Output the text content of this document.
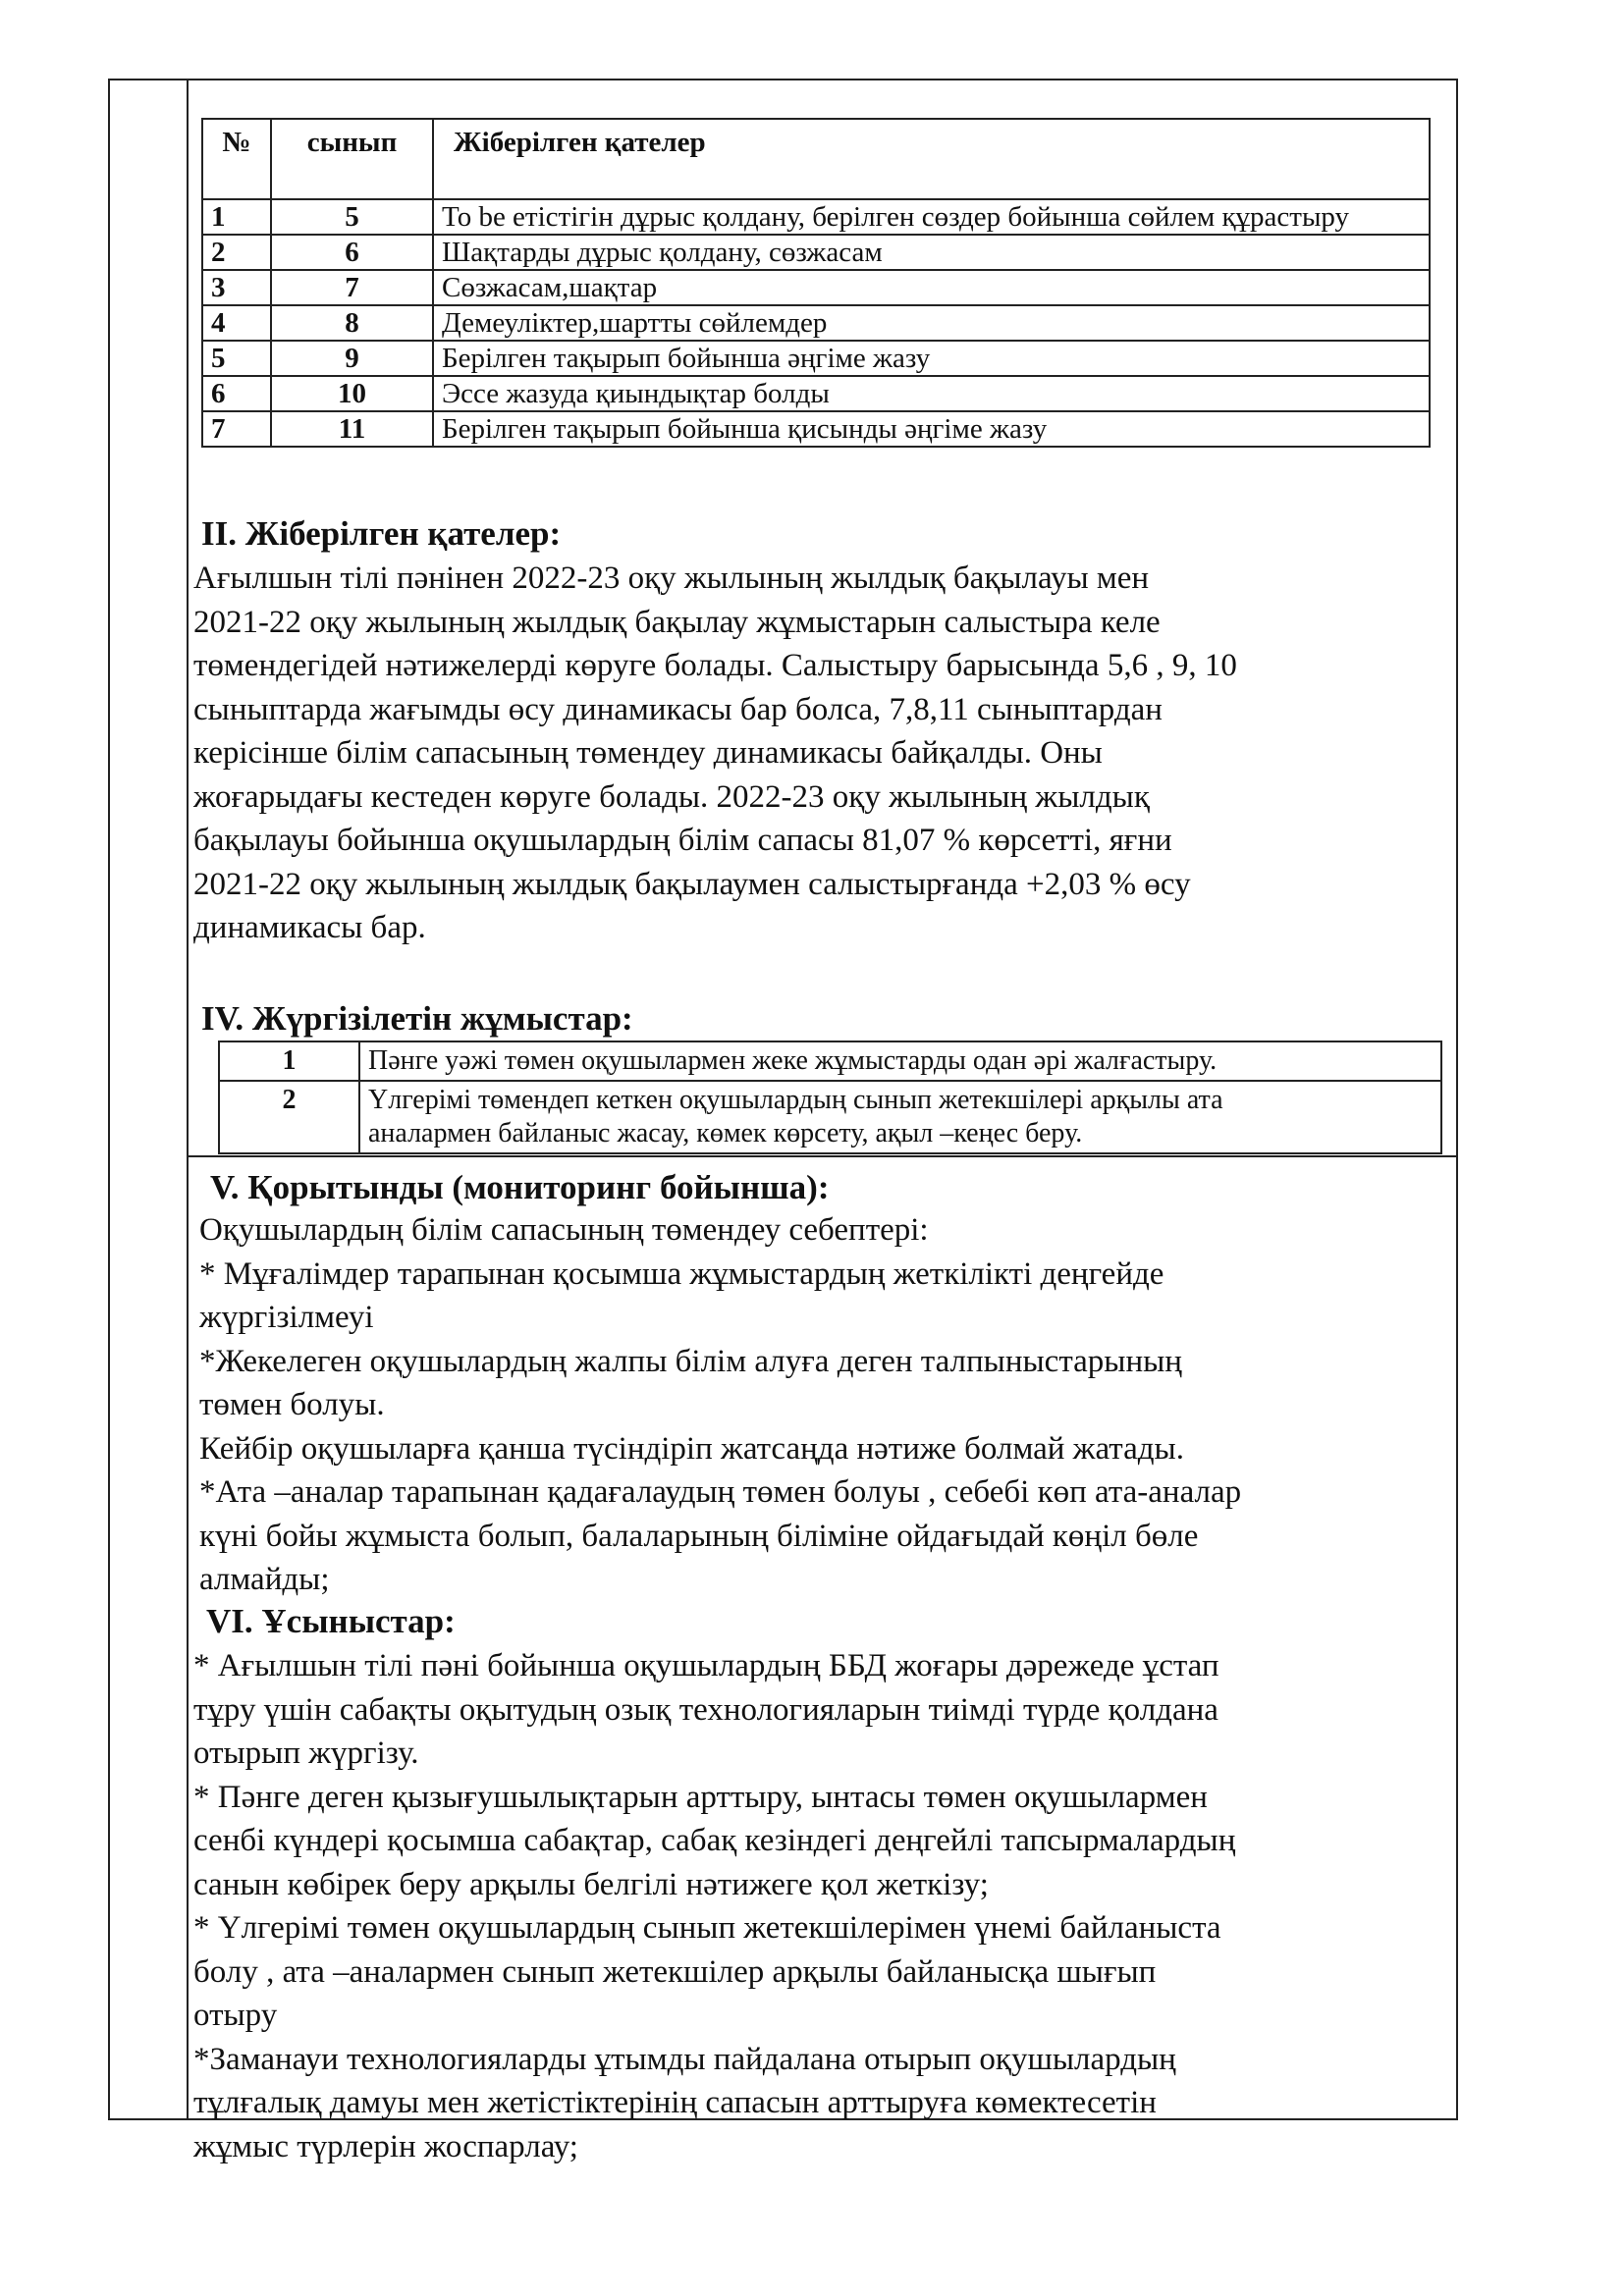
№	сынып	Жіберілген қателер
1	5	To be етістігін дұрыс қолдану, берілген сөздер бойынша сөйлем құрастыру
2	6	Шақтарды дұрыс қолдану, сөзжасам
3	7	Сөзжасам,шақтар
4	8	Демеуліктер,шартты сөйлемдер
5	9	Берілген тақырып бойынша әңгіме жазу
6	10	Эссе жазуда қиындықтар болды
7	11	Берілген тақырып бойынша қисынды әңгіме жазу
II. Жіберілген қателер:

Ағылшын тілі пәнінен 2022-23 оқу жылының жылдық бақылауы мен

2021-22 оқу жылының жылдық бақылау жұмыстарын салыстыра келе

төмендегідей нәтижелерді көруге болады. Салыстыру барысында 5,6 , 9, 10

сыныптарда жағымды өсу динамикасы бар болса, 7,8,11 сыныптардан

керісінше білім сапасының төмендеу динамикасы байқалды. Оны

жоғарыдағы кестеден көруге болады. 2022-23 оқу жылының жылдық

бақылауы бойынша оқушылардың білім сапасы 81,07 % көрсетті, яғни

2021-22 оқу жылының жылдық бақылаумен салыстырғанда +2,03 % өсу

динамикасы бар.

IV. Жүргізілетін жұмыстар:
1	Пәнге уәжі төмен оқушылармен жеке жұмыстарды одан әрі жалғастыру.
2	Үлгерімі төмендеп кеткен оқушылардың сынып жетекшілері арқылы ата
аналармен байланыс жасау, көмек көрсету, ақыл –кеңес беру.
V. Қорытынды (мониторинг бойынша):

Оқушылардың білім сапасының төмендеу себептері:

* Мұғалімдер тарапынан қосымша жұмыстардың жеткілікті деңгейде

жүргізілмеуі

*Жекелеген оқушылардың жалпы білім алуға деген талпыныстарының

төмен болуы.

Кейбір оқушыларға қанша түсіндіріп жатсаңда нәтиже болмай жатады.

*Ата –аналар тарапынан қадағалаудың төмен болуы , себебі көп ата-аналар

күні бойы жұмыста болып, балаларының біліміне ойдағыдай көңіл бөле

алмайды;

VI. Ұсыныстар:

* Ағылшын тілі пәні бойынша оқушылардың ББД жоғары дәрежеде ұстап

тұру үшін сабақты оқытудың озық технологияларын тиімді түрде қолдана

отырып жүргізу.

* Пәнге деген қызығушылықтарын арттыру, ынтасы төмен оқушылармен

сенбі күндері қосымша сабақтар, сабақ кезіндегі деңгейлі тапсырмалардың

санын көбірек беру арқылы белгілі нәтижеге қол жеткізу;

* Үлгерімі төмен оқушылардың сынып жетекшілерімен үнемі байланыста

болу , ата –аналармен сынып жетекшілер арқылы байланысқа шығып

отыру

*Заманауи технологияларды ұтымды пайдалана отырып оқушылардың

тұлғалық дамуы мен жетістіктерінің сапасын арттыруға көмектесетін

жұмыс түрлерін жоспарлау;
